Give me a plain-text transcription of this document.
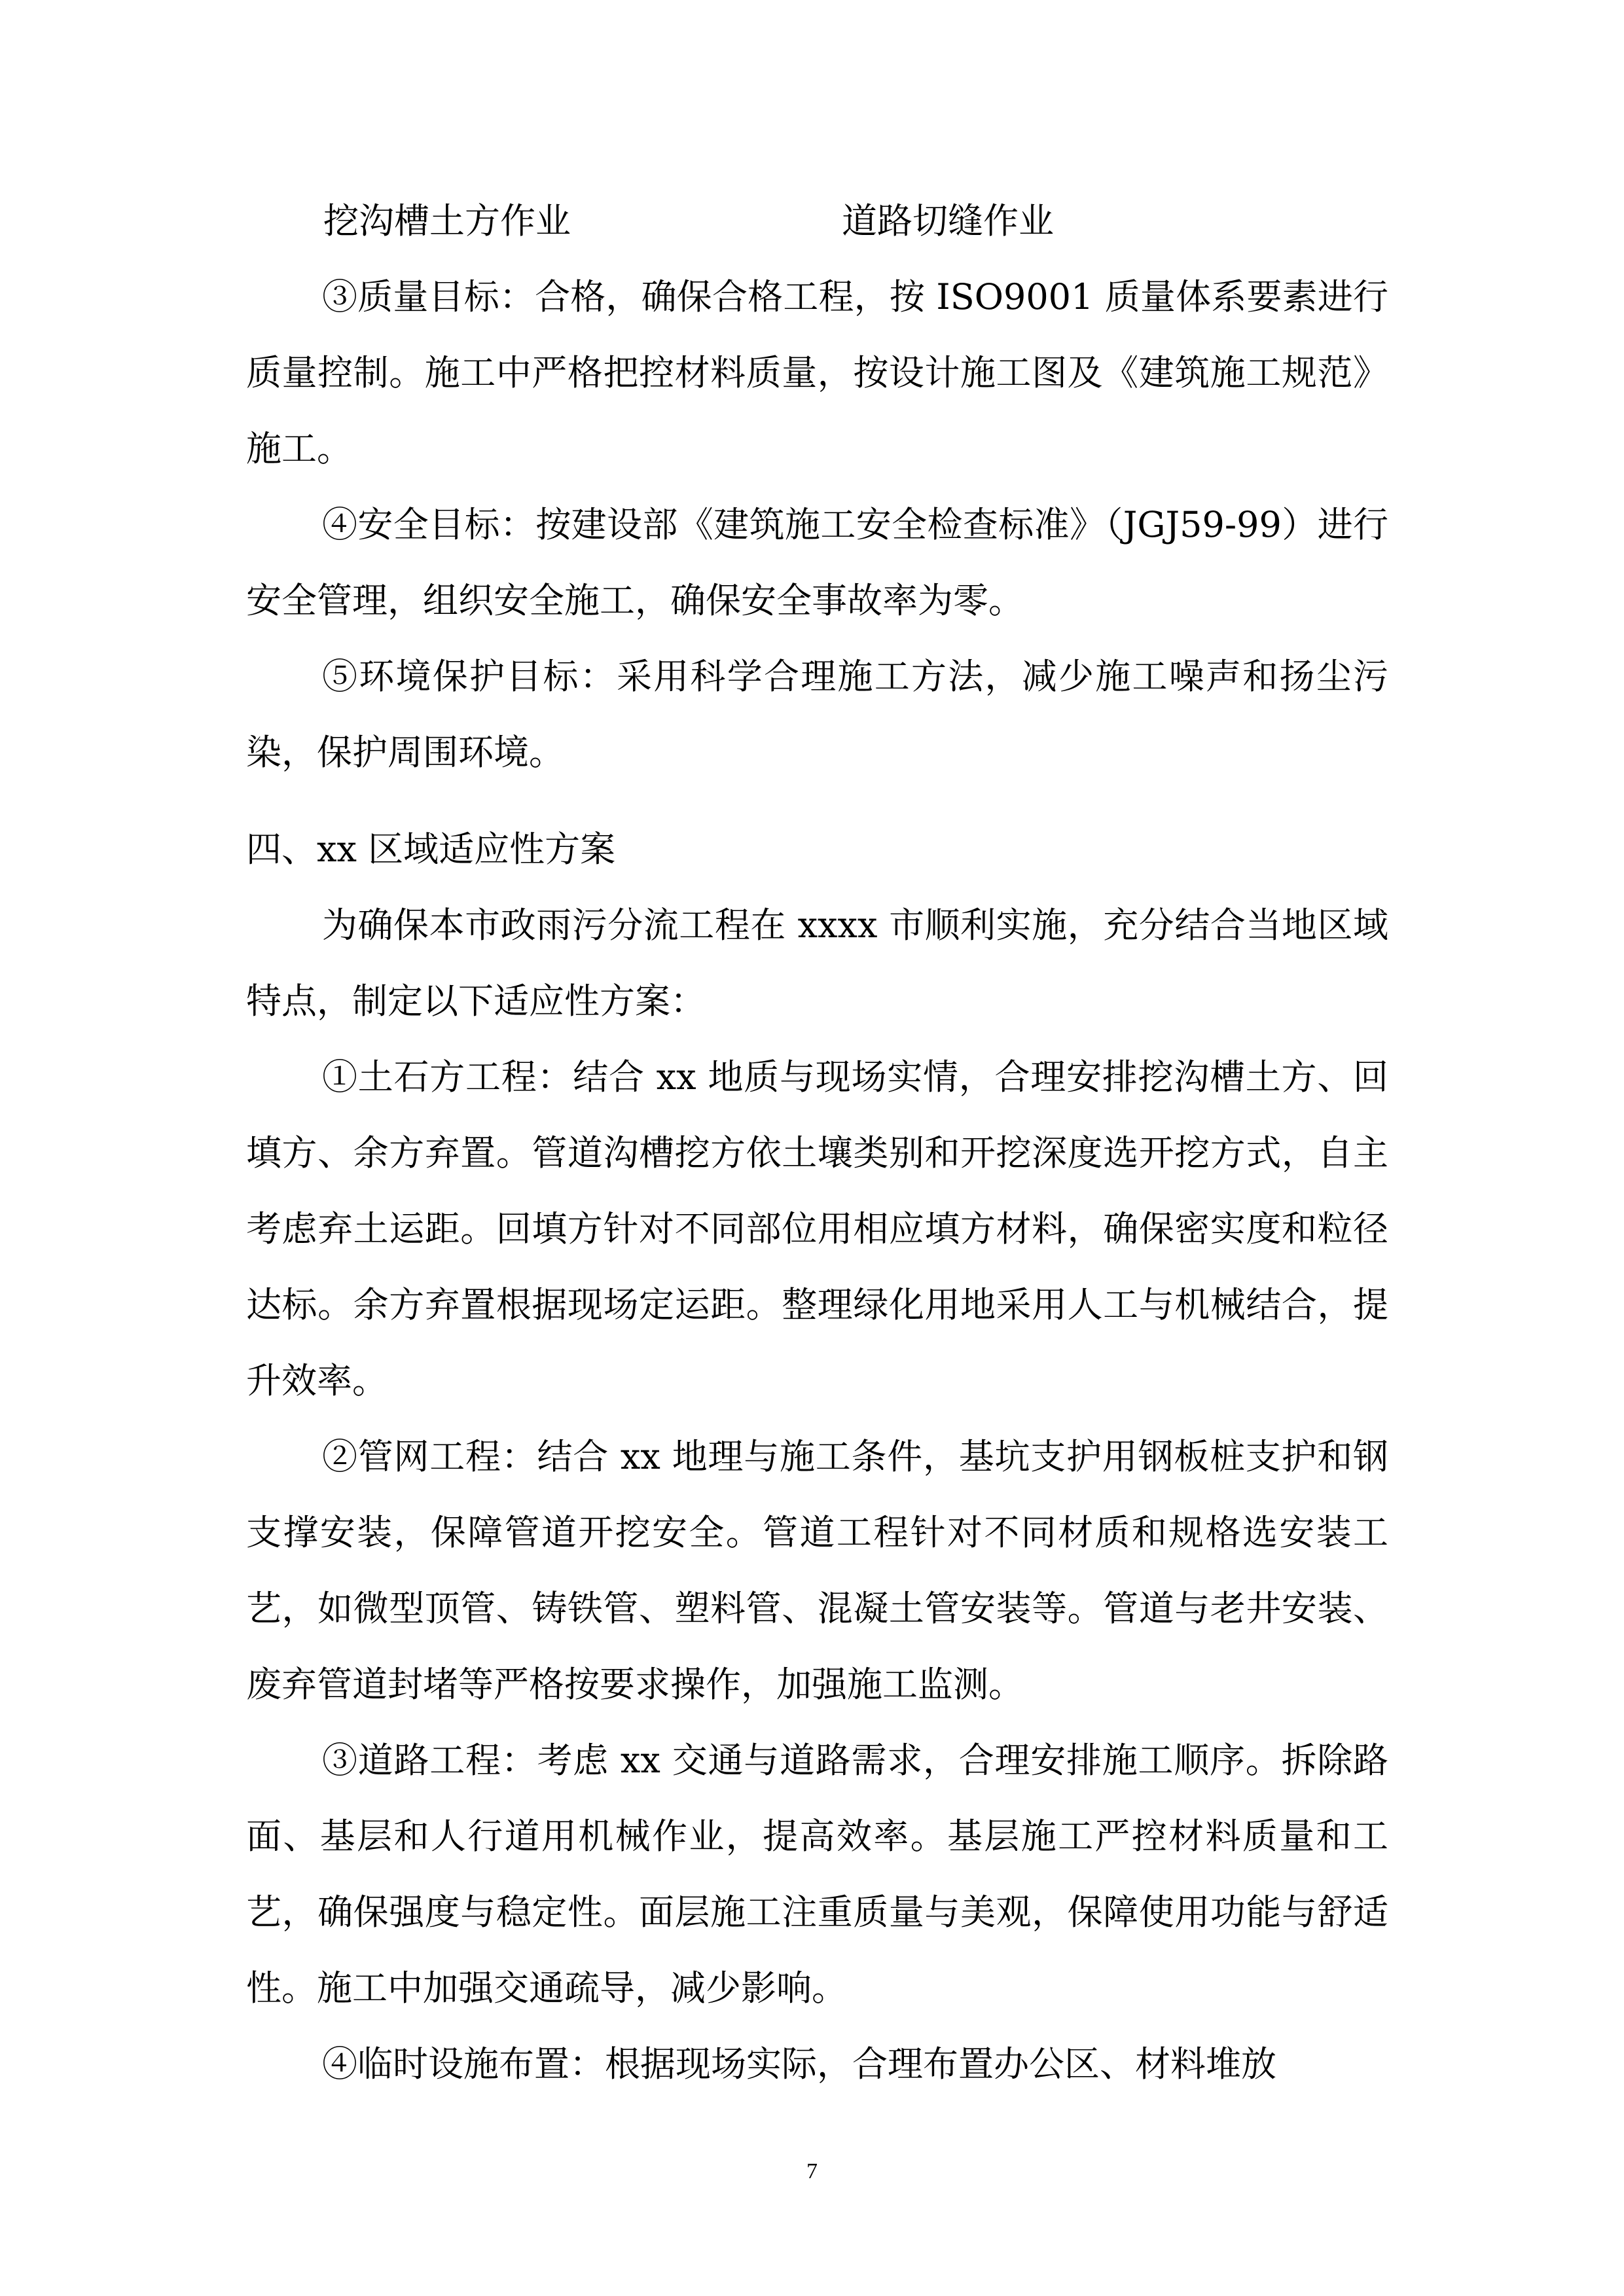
挖沟槽土方作业	道路切缝作业

③质量目标：合格，确保合格工程，按 ISO9001 质量体系要素进行质量控制。施工中严格把控材料质量，按设计施工图及《建筑施工规范》施工。

④安全目标：按建设部《建筑施工安全检查标准》（JGJ59-99）进行安全管理，组织安全施工，确保安全事故率为零。

⑤环境保护目标：采用科学合理施工方法，减少施工噪声和扬尘污染，保护周围环境。

四、xx 区域适应性方案

为确保本市政雨污分流工程在 xxxx 市顺利实施，充分结合当地区域特点，制定以下适应性方案：

①土石方工程：结合 xx 地质与现场实情，合理安排挖沟槽土方、回填方、余方弃置。管道沟槽挖方依土壤类别和开挖深度选开挖方式，自主考虑弃土运距。回填方针对不同部位用相应填方材料，确保密实度和粒径达标。余方弃置根据现场定运距。整理绿化用地采用人工与机械结合，提升效率。

②管网工程：结合 xx 地理与施工条件，基坑支护用钢板桩支护和钢支撑安装，保障管道开挖安全。管道工程针对不同材质和规格选安装工艺，如微型顶管、铸铁管、塑料管、混凝土管安装等。管道与老井安装、废弃管道封堵等严格按要求操作，加强施工监测。

③道路工程：考虑 xx 交通与道路需求，合理安排施工顺序。拆除路面、基层和人行道用机械作业，提高效率。基层施工严控材料质量和工艺，确保强度与稳定性。面层施工注重质量与美观，保障使用功能与舒适性。施工中加强交通疏导，减少影响。

④临时设施布置：根据现场实际，合理布置办公区、材料堆放

7
